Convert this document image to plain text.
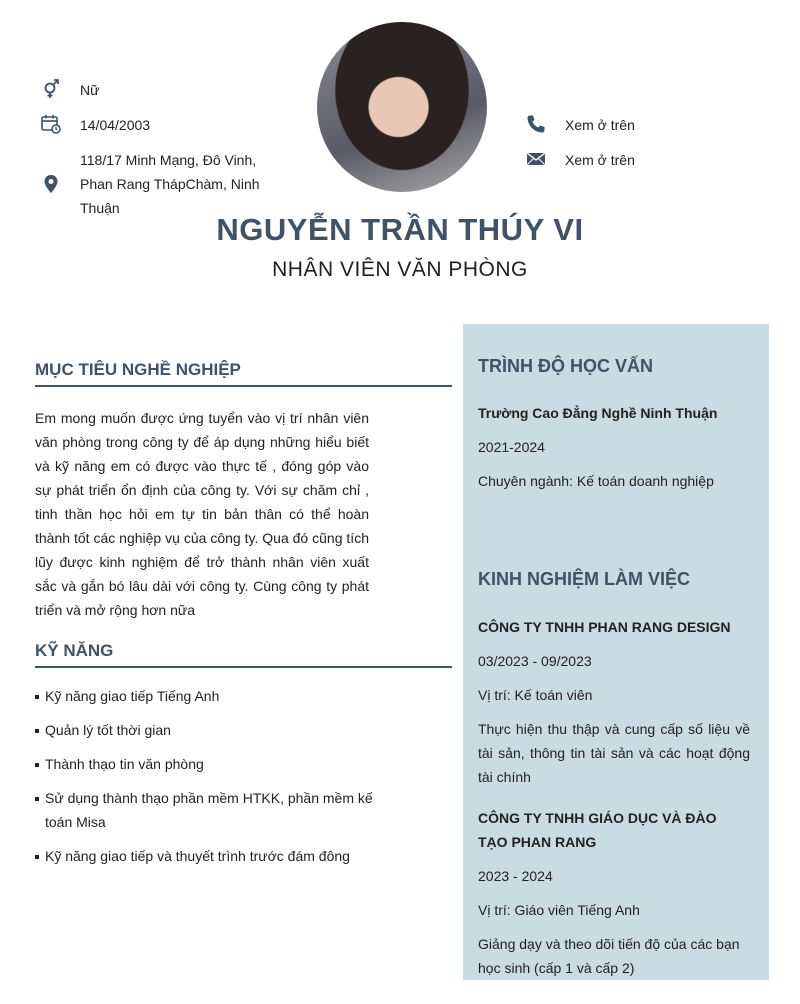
Nữ
14/04/2003
118/17 Minh Mạng, Đô Vinh,
Phan Rang ThápChàm, Ninh
Thuận
Xem ở trên
Xem ở trên
NGUYỄN TRẦN THÚY VI
NHÂN VIÊN VĂN PHÒNG
MỤC TIÊU NGHỀ NGHIỆP
Em mong muốn được ứng tuyển vào vị trí nhân viên văn phòng trong công ty để áp dụng những hiểu biết và kỹ năng em có được vào thực tế , đóng góp vào sự phát triển ổn định của công ty. Với sự chăm chỉ , tinh thần học hỏi em tự tin bản thân có thể hoàn thành tốt các nghiệp vụ của công ty. Qua đó cũng tích lũy được kinh nghiệm để trở thành nhân viên xuất sắc và gắn bó lâu dài với công ty. Cùng công ty phát triển và mở rộng hơn nữa
KỸ NĂNG
Kỹ năng giao tiếp Tiếng Anh
Quản lý tốt thời gian
Thành thạo tin văn phòng
Sử dụng thành thạo phần mềm HTKK, phần mềm kế toán Misa
Kỹ năng giao tiếp và thuyết trình trước đám đông
TRÌNH ĐỘ HỌC VẤN
Trường Cao Đẳng Nghề Ninh Thuận
2021-2024
Chuyên ngành: Kế toán doanh nghiệp
KINH NGHIỆM LÀM VIỆC
CÔNG TY TNHH PHAN RANG DESIGN
03/2023 - 09/2023
Vị trí: Kế toán viên
Thực hiện thu thập và cung cấp số liệu về tài sản, thông tin tài sản và các hoạt động tài chính
CÔNG TY TNHH GIÁO DỤC VÀ ĐÀO TẠO PHAN RANG
2023 - 2024
Vị trí: Giáo viên Tiếng Anh
Giảng dạy và theo dõi tiến độ của các bạn học sinh (cấp 1 và cấp 2)
